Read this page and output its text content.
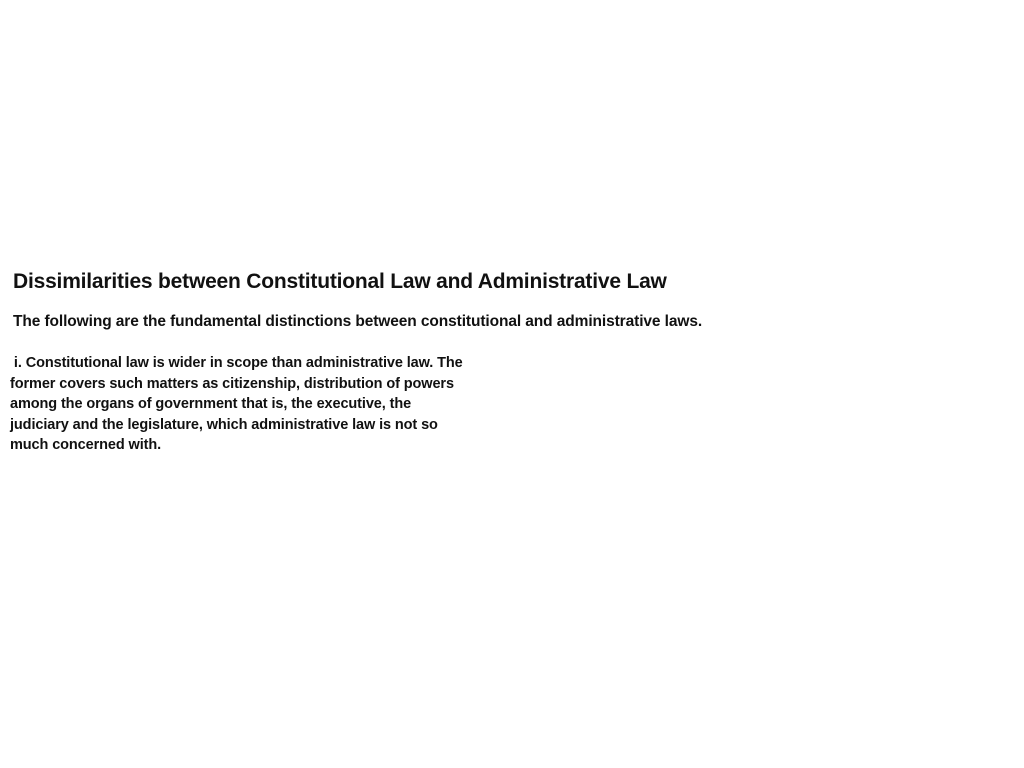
Dissimilarities between Constitutional Law and Administrative Law

The following are the fundamental distinctions between constitutional and administrative laws.

i. Constitutional law is wider in scope than administrative law. The
former covers such matters as citizenship, distribution of powers
among the organs of government that is, the executive, the
judiciary and the legislature, which administrative law is not so
much concerned with.
